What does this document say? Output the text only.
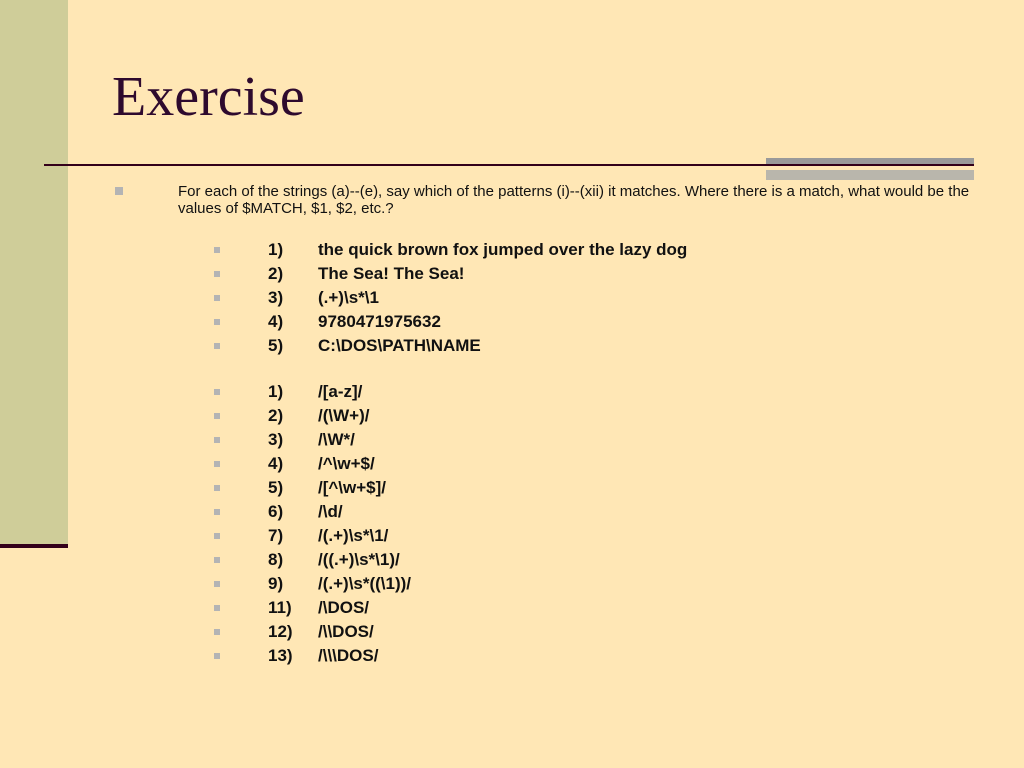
Exercise

For each of the strings (a)--(e), say which of the patterns (i)--(xii) it matches. Where there is a match, what would be the values of $MATCH, $1, $2, etc.?

1) the quick brown fox jumped over the lazy dog
2) The Sea! The Sea!
3) (.+)\s*\1
4) 9780471975632
5) C:\DOS\PATH\NAME
1) /[a-z]/
2) /(\W+)/
3) /\W*/
4) /^\w+$/
5) /[^\w+$]/
6) /\d/
7) /(.+)\s*\1/
8) /((.+)\s*\1)/
9) /(.+)\s*((\1))/
11) /\DOS/
12) /\\DOS/
13) /\\\DOS/
